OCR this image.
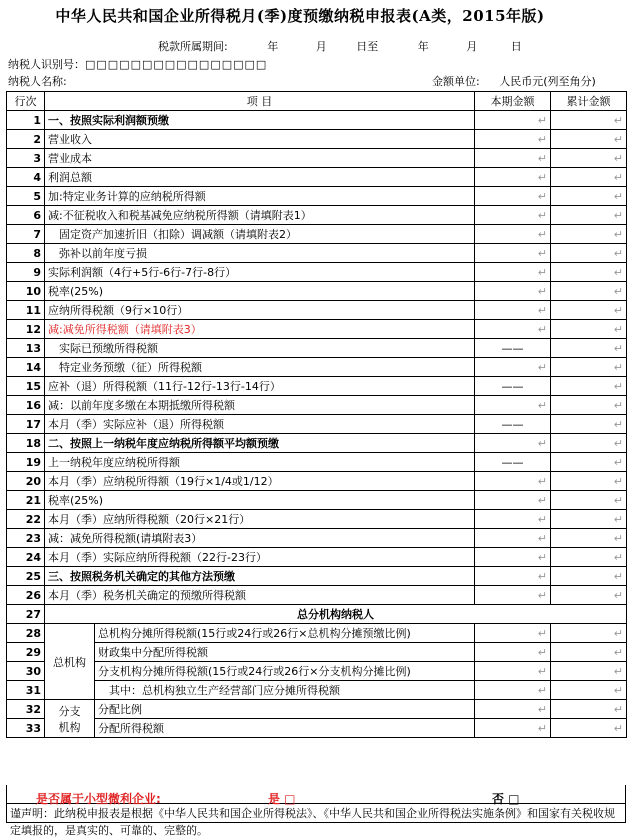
中华人民共和国企业所得税月(季)度预缴纳税申报表(A类，2015年版)
税款所属期间:	年	月	日至	年	月	日
纳税人识别号：□□□□□□□□□□□□□□□□
纳税人名称:	金额单位: 人民币元(列至角分)
行次	项 目		本期金额	累计金额
1	一、按照实际利润额预缴		↵	↵
2	营业收入		↵	↵
3	营业成本		↵	↵
4	利润总额		↵	↵
5	加:特定业务计算的应纳税所得额		↵	↵
6	减:不征税收入和税基减免应纳税所得额（请填附表1）		↵	↵
7	固定资产加速折旧（扣除）调减额（请填附表2）		↵	↵
8	弥补以前年度亏损		↵	↵
9	实际利润额（4行+5行-6行-7行-8行）		↵	↵
10	税率(25%)		↵	↵
11	应纳所得税额（9行×10行）		↵	↵
12	减:减免所得税额（请填附表3）		↵	↵
13	实际已预缴所得税额		——	↵
14	特定业务预缴（征）所得税额		↵	↵
15	应补（退）所得税额（11行-12行-13行-14行）		——	↵
16	减：以前年度多缴在本期抵缴所得税额		↵	↵
17	本月（季）实际应补（退）所得税额		——	↵
18	二、按照上一纳税年度应纳税所得额平均额预缴		↵	↵
19	上一纳税年度应纳税所得额		——	↵
20	本月（季）应纳税所得额（19行×1/4或1/12）		↵	↵
21	税率(25%)		↵	↵
22	本月（季）应纳所得税额（20行×21行）		↵	↵
23	减：减免所得税额(请填附表3）		↵	↵
24	本月（季）实际应纳所得税额（22行-23行）		↵	↵
25	三、按照税务机关确定的其他方法预缴		↵	↵
26	本月（季）税务机关确定的预缴所得税额		↵	↵
27	总分机构纳税人			
28	总机构	总机构分摊所得税额(15行或24行或26行×总机构分摊预缴比例)	↵	↵
29		财政集中分配所得税额	↵	↵
30		分支机构分摊所得税额(15行或24行或26行×分支机构分摊比例)	↵	↵
31		其中：总机构独立生产经营部门应分摊所得税额	↵	↵
32	分支
机构	分配比例	↵	↵
33		分配所得税额	↵	↵
是否属于小型微利企业:	是 □	否 □
谨声明：此纳税申报表是根据《中华人民共和国企业所得税法》、《中华人民共和国企业所得税法实施条例》和国家有关税收规定填报的，是真实的、可靠的、完整的。
